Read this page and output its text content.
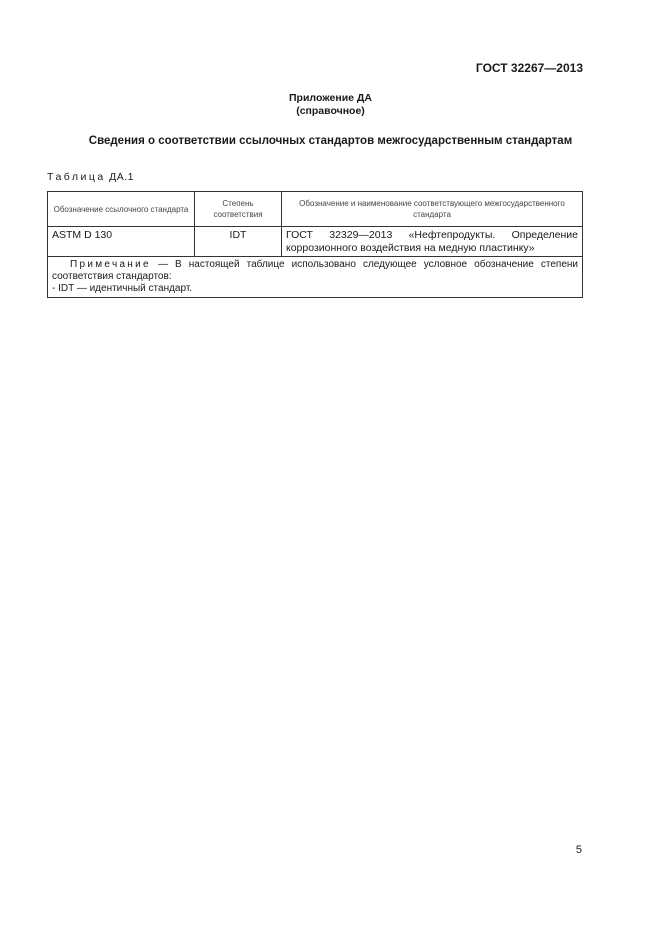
ГОСТ 32267—2013
Приложение ДА
(справочное)
Сведения о соответствии ссылочных стандартов межгосударственным стандартам
Таблица ДА.1
Обозначение ссылочного стандарта	Степень соответствия	Обозначение и наименование соответствующего межгосударственного стандарта
ASTM D 130	IDT	ГОСТ 32329—2013 «Нефтепродукты. Определение коррозионного воздействия на медную пластинку»

Примечание — В настоящей таблице использовано следующее условное обозначение степени соответствия стандартов:

- IDT — идентичный стандарт.		

5
